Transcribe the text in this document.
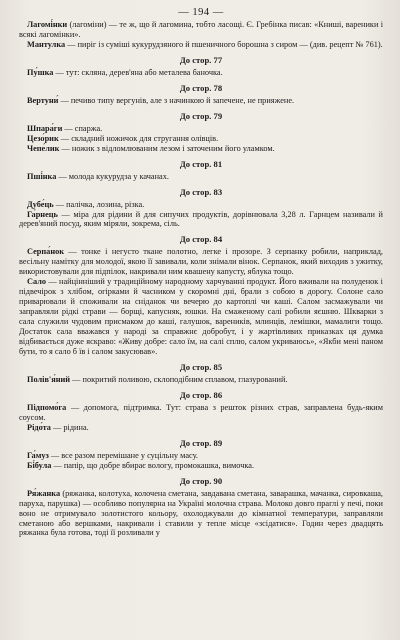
— 194 —

Лагомі́нки (лагоміни) — те ж, що й лагомина, тобто ласощі. Є. Гребінка писав: «Книші, вареники і всякі лагомінки».

Мантулка — пиріг із суміші кукурудзяного й пшеничного борошна з сиром — (див. рецепт № 761).

До стор. 77

Пу́шка — тут: скляна, дерев'яна або металева баночка.

До стор. 78

Вертуни́ — печиво типу вергунів, але з начинкою й запечене, не прияжене.

До стор. 79

Шпара́ги — спаржа.

Цезо́рик — складний ножичок для стругання олівців.

Чепе́лик — ножик з відломлюваним лезом і заточеним його уламком.

До стор. 81

Пші́нка — молода кукурудза у качанах.

До стор. 83

Дубе́ць — палічка, лозина, різка.

Га́рнець — міра для рідини й для сипучих продуктів, дорівнювала 3,28 л. Гарнцем називали й дерев'яний посуд, яким міряли, зокрема, сіль.

До стор. 84

Серпа́нок — тонке і негусто ткане полотно, легке і прозоре. З серпанку робили, наприклад, весільну намітку для молодої, якою її завивали, коли знімали вінок. Серпанок, який виходив з ужитку, використовували для підпілок, накривали ним квашену капусту, яблука тощо.

Сало — найцінніший у традиційному народному харчуванні продукт. Його вживали на полуденок і підвечірок з хлібом, огірками й часником у скоромні дні, брали з собою в дорогу. Солоне сало приварювали й споживали на сніданок чи вечерю до картоплі чи каші. Салом засмажували чи заправляли рідкі страви — борщі, капусняк, юшки. На смаженому салі робили яєшню. Шкварки з сала служили чудовим присмаком до каші, галушок, вареників, млинців, лемішки, мамалиги тощо. Достаток сала вважався у народі за справжнє добробут, і у жартівливих приказках ця думка відбивається дуже яскраво: «Живу добре: сало їм, на салі сплю, салом укриваюсь», «Якби мені паном бути, то я сало б їв і салом закусював».

До стор. 85

Полів'я́ний — покритий поливою, склоподібним сплавом, глазурований.

До стор. 86

Підпомо́га — допомога, підтримка. Тут: страва з решток різних страв, заправлена будь-яким соусом.

Рідо́та — рідина.

До стор. 89

Га́муз — все разом перемішане у суцільну масу.

Бі́була — папір, що добре вбирає вологу, промокашка, вимочка.

До стор. 90

Ря́жанка (ряжанка, колотуха, колочена сметана, завдавана сметана, заварашка, мачанка, сировкаша, паруха, парушка) — особливо популярна на Україні молочна страва. Молоко довго праглі у печі, поки воно не отримувало золотистого кольору, охолоджували до кімнатної температури, заправляли сметаною або вершками, накривали і ставили у тепле місце «зсідатися». Годин через двадцять ряжанка була готова, тоді її розливали у
